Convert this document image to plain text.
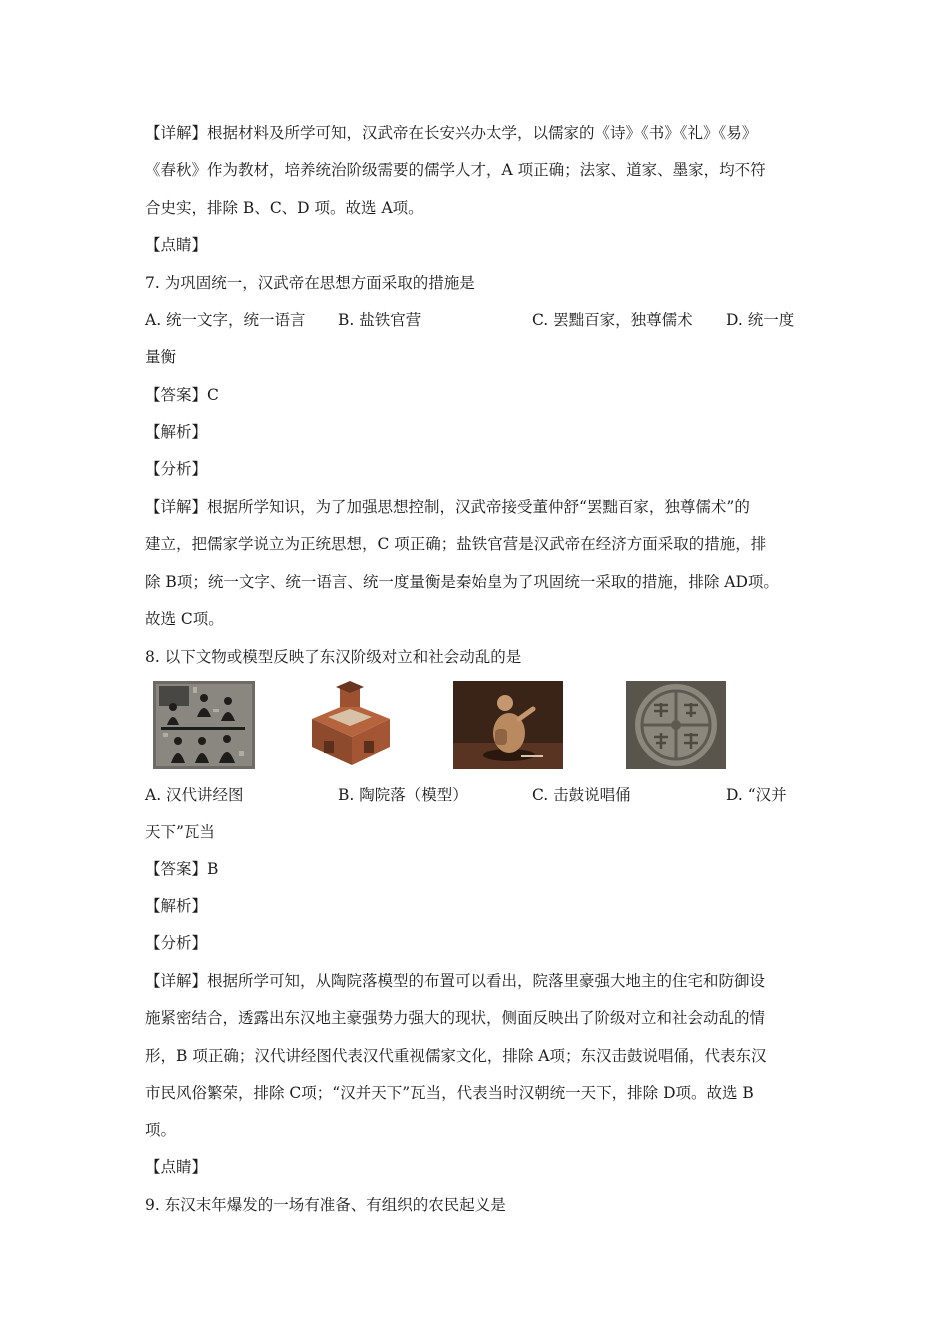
【详解】根据材料及所学可知，汉武帝在长安兴办太学，以儒家的《诗》《书》《礼》《易》
《春秋》作为教材，培养统治阶级需要的儒学人才，A 项正确；法家、道家、墨家，均不符
合史实，排除 B、C、D 项。故选 A项。
【点睛】
7. 为巩固统一，汉武帝在思想方面采取的措施是
A. 统一文字，统一语言 B. 盐铁官营	C. 罢黜百家，独尊儒术 D. 统一度
量衡
【答案】C
【解析】
【分析】
【详解】根据所学知识，为了加强思想控制，汉武帝接受董仲舒“罢黜百家，独尊儒术”的
建立，把儒家学说立为正统思想，C 项正确；盐铁官营是汉武帝在经济方面采取的措施，排
除 B项；统一文字、统一语言、统一度量衡是秦始皇为了巩固统一采取的措施，排除 AD项。
故选 C项。
8. 以下文物或模型反映了东汉阶级对立和社会动乱的是
A. 汉代讲经图	B. 陶院落（模型）	C. 击鼓说唱俑	D. “汉并
天下”瓦当
【答案】B
【解析】
【分析】
【详解】根据所学可知，从陶院落模型的布置可以看出，院落里豪强大地主的住宅和防御设
施紧密结合，透露出东汉地主豪强势力强大的现状，侧面反映出了阶级对立和社会动乱的情
形，B 项正确；汉代讲经图代表汉代重视儒家文化，排除 A项；东汉击鼓说唱俑，代表东汉
市民风俗繁荣，排除 C项；“汉并天下”瓦当，代表当时汉朝统一天下，排除 D项。故选 B
项。
【点睛】
9. 东汉末年爆发的一场有准备、有组织的农民起义是
